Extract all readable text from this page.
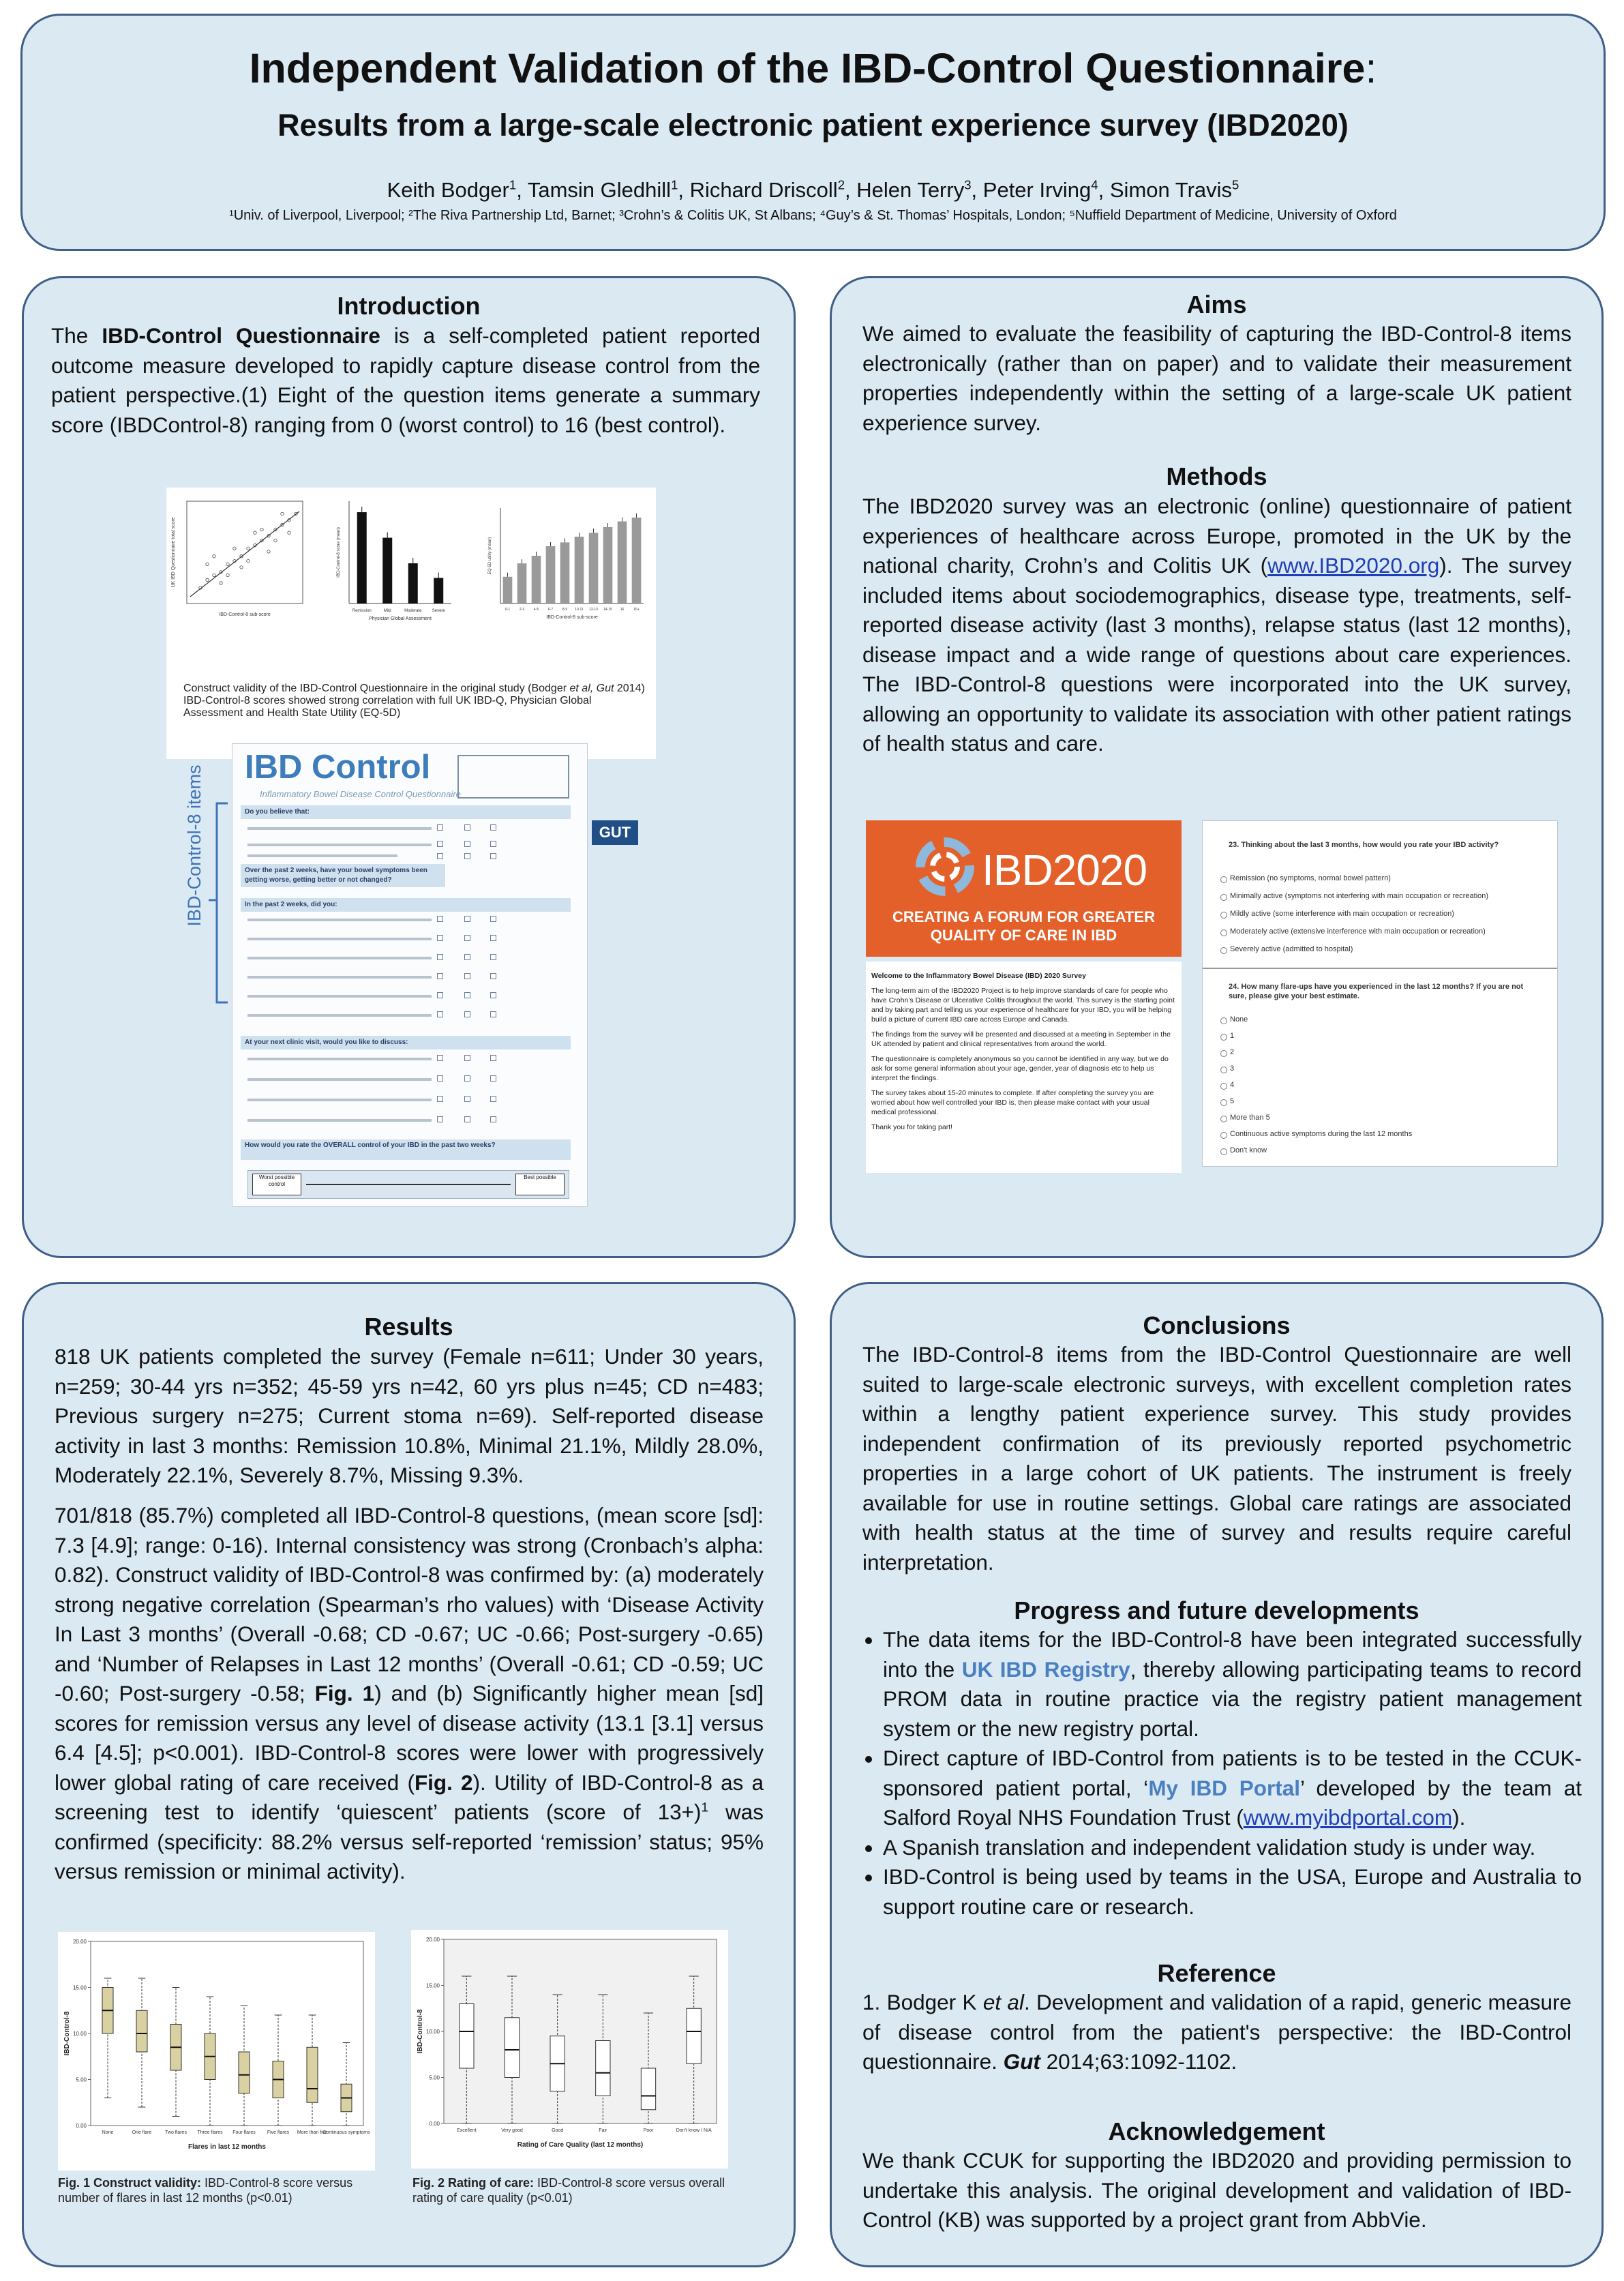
Independent Validation of the IBD-Control Questionnaire:
Results from a large-scale electronic patient experience survey (IBD2020)
Keith Bodger$^1$, Tamsin Gledhill$^1$, Richard Driscoll$^2$, Helen Terry$^3$, Peter Irving$^4$, Simon Travis$^5$
¹Univ. of Liverpool, Liverpool; ²The Riva Partnership Ltd, Barnet; ³Crohn’s & Colitis UK, St Albans; ⁴Guy’s & St. Thomas’ Hospitals, London; ⁵Nuffield Department of Medicine, University of Oxford
Introduction
The IBD-Control Questionnaire is a self-completed patient reported outcome measure developed to rapidly capture disease control from the patient perspective.(1) Eight of the question items generate a summary score (IBDControl-8) ranging from 0 (worst control) to 16 (best control).
IBD-Control-8 sub-score
UK IBD Questionnaire total score
Remission	Mild	Moderate	Severe
Physician Global Assessment
IBD-Control-8 score (mean)
0-1	2-3	4-5	6-7	8-9 10-11 12-13 14-15 16	16+
IBD-Control-8 sub-score
EQ-5D utility (mean)
Construct validity of the IBD-Control Questionnaire in the original study (Bodger et al, Gut 2014)
IBD-Control-8 scores showed strong correlation with full UK IBD-Q, Physician Global Assessment and Health State Utility (EQ-5D)
IBD Control
Inflammatory Bowel Disease Control Questionnaire
Do you believe that:
Over the past 2 weeks, have your bowel symptoms been getting worse, getting better or not changed?
In the past 2 weeks, did you:
At your next clinic visit, would you like to discuss:
How would you rate the OVERALL control of your IBD in the past two weeks?
Worst possible control
Best possible
IBD-Control-8 items	GUT
Aims
We aimed to evaluate the feasibility of capturing the IBD-Control-8 items electronically (rather than on paper) and to validate their measurement properties independently within the setting of a large-scale UK patient experience survey.
Methods
The IBD2020 survey was an electronic (online) questionnaire of patient experiences of healthcare across Europe, promoted in the UK by the national charity, Crohn’s and Colitis UK (www.IBD2020.org). The survey included items about sociodemographics, disease type, treatments, self-reported disease activity (last 3 months), relapse status (last 12 months), disease impact and a wide range of questions about care experiences. The IBD-Control-8 questions were incorporated into the UK survey, allowing an opportunity to validate its association with other patient ratings of health status and care.
IBD2020
CREATING A FORUM FOR GREATER QUALITY OF CARE IN IBD
Welcome to the Inflammatory Bowel Disease (IBD) 2020 Survey
The long-term aim of the IBD2020 Project is to help improve standards of care for people who have Crohn’s Disease or Ulcerative Colitis throughout the world. This survey is the starting point and by taking part and telling us your experience of healthcare for your IBD, you will be helping build a picture of current IBD care across Europe and Canada.
The findings from the survey will be presented and discussed at a meeting in September in the UK attended by patient and clinical representatives from around the world.
The questionnaire is completely anonymous so you cannot be identified in any way, but we do ask for some general information about your age, gender, year of diagnosis etc to help us interpret the findings.
The survey takes about 15-20 minutes to complete. If after completing the survey you are worried about how well controlled your IBD is, then please make contact with your usual medical professional.
Thank you for taking part!
23. Thinking about the last 3 months, how would you rate your IBD activity?
Remission (no symptoms, normal bowel pattern)
Minimally active (symptoms not interfering with main occupation or recreation)
Mildly active (some interference with main occupation or recreation)
Moderately active (extensive interference with main occupation or recreation)
Severely active (admitted to hospital)
24. How many flare-ups have you experienced in the last 12 months? If you are not sure, please give your best estimate.
None
1
2
3
4
5
More than 5
Continuous active symptoms during the last 12 months
Don't know
Results
818 UK patients completed the survey (Female n=611; Under 30 years, n=259; 30-44 yrs n=352; 45-59 yrs n=42, 60 yrs plus n=45; CD n=483; Previous surgery n=275; Current stoma n=69). Self-reported disease activity in last 3 months: Remission 10.8%, Minimal 21.1%, Mildly 28.0%, Moderately 22.1%, Severely 8.7%, Missing 9.3%.
701/818 (85.7%) completed all IBD-Control-8 questions, (mean score [sd]: 7.3 [4.9]; range: 0-16). Internal consistency was strong (Cronbach’s alpha: 0.82). Construct validity of IBD-Control-8 was confirmed by: (a) moderately strong negative correlation (Spearman’s rho values) with ‘Disease Activity In Last 3 months’ (Overall -0.68; CD -0.67; UC -0.66; Post-surgery -0.65) and ‘Number of Relapses in Last 12 months’ (Overall -0.61; CD -0.59; UC -0.60; Post-surgery -0.58; Fig. 1) and (b) Significantly higher mean [sd] scores for remission versus any level of disease activity (13.1 [3.1] versus 6.4 [4.5]; p<0.001). IBD-Control-8 scores were lower with progressively lower global rating of care received (Fig. 2). Utility of IBD-Control-8 as a screening test to identify ‘quiescent’ patients (score of 13+)$^1$ was confirmed (specificity: 88.2% versus self-reported ‘remission’ status; 95% versus remission or minimal activity).
0.00
5.00
10.00
15.00
20.00
None	One flare	Two flares Three flares Four flares Five flares More than five
Continuous symptoms
Flares in last 12 months
IBD-Control-8
Fig. 1 Construct validity: IBD-Control-8 score versus number of flares in last 12 months (p<0.01)
0.00
5.00
10.00
15.00
20.00
Excellent	Very good	Good	Fair	Poor	Don't know / N/A
Rating of Care Quality (last 12 months)
IBD-Control-8
Fig. 2 Rating of care: IBD-Control-8 score versus overall rating of care quality (p<0.01)
Conclusions
The IBD-Control-8 items from the IBD-Control Questionnaire are well suited to large-scale electronic surveys, with excellent completion rates within a lengthy patient experience survey. This study provides independent confirmation of its previously reported psychometric properties in a large cohort of UK patients. The instrument is freely available for use in routine settings. Global care ratings are associated with health status at the time of survey and results require careful interpretation.
Progress and future developments
• The data items for the IBD-Control-8 have been integrated successfully into the UK IBD Registry, thereby allowing participating teams to record PROM data in routine practice via the registry patient management system or the new registry portal.
• Direct capture of IBD-Control from patients is to be tested in the CCUK-sponsored patient portal, ‘My IBD Portal’ developed by the team at Salford Royal NHS Foundation Trust (www.myibdportal.com).
• A Spanish translation and independent validation study is under way.
• IBD-Control is being used by teams in the USA, Europe and Australia to support routine care or research.
Reference
1. Bodger K et al. Development and validation of a rapid, generic measure of disease control from the patient's perspective: the IBD-Control questionnaire. Gut 2014;63:1092-1102.
Acknowledgement
We thank CCUK for supporting the IBD2020 and providing permission to undertake this analysis. The original development and validation of IBD-Control (KB) was supported by a project grant from AbbVie.
